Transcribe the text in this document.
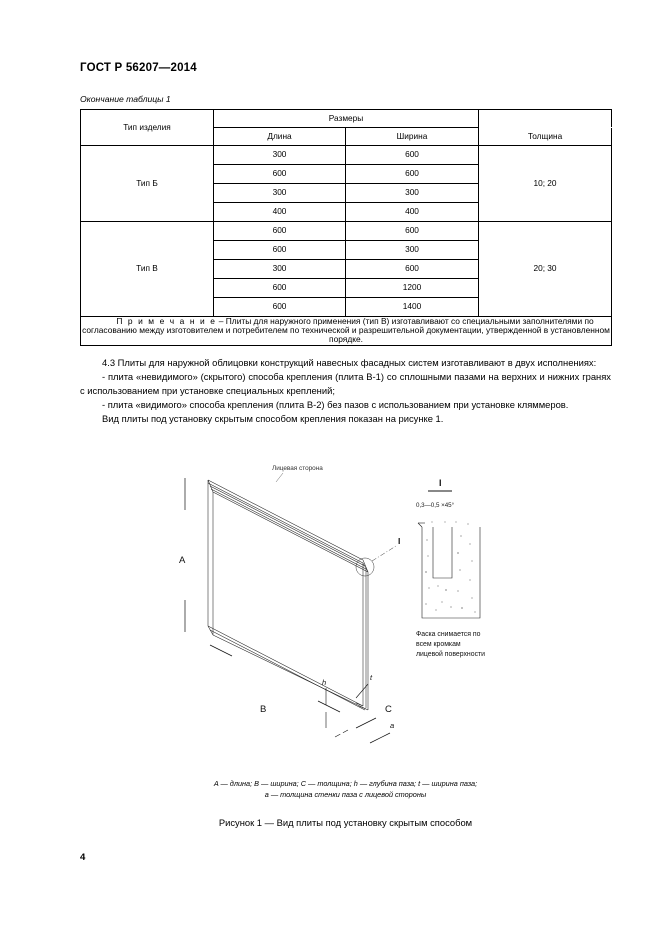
ГОСТ Р 56207—2014
Окончание таблицы 1
Тип изделия	Размеры		
	Длина	Ширина	Толщина
Тип Б	300	600	10; 20
	600	600	
	300	300	
	400	400	
Тип В	600	600	20; 30
	600	300	
	300	600	
	600	1200	
	600	1400	
П р и м е ч а н и е – Плиты для наружного применения (тип В) изготавливают со специальными заполнителями по согласованию между изготовителем и потребителем по технической и разрешительной документации, утвержденной в установленном порядке.			

4.3 Плиты для наружной облицовки конструкций навесных фасадных систем изготавливают в двух исполнениях:

- плита «невидимого» (скрытого) способа крепления (плита В-1) со сплошными пазами на верхних и нижних гранях с использованием при установке специальных креплений;

- плита «видимого» способа крепления (плита В-2) без пазов с использованием при установке кляммеров.

Вид плиты под установку скрытым способом крепления показан на рисунке 1.

Лицевая сторона
I
A
B	C
h
t
a
I
0,3—0,5 ×45°
Фаска снимается по
всем кромкам
лицевой поверхности
A — длина; B — ширина; C — толщина; h — глубина паза; t — ширина паза;
a — толщина стенки паза с лицевой стороны
Рисунок 1 — Вид плиты под установку скрытым способом
4
